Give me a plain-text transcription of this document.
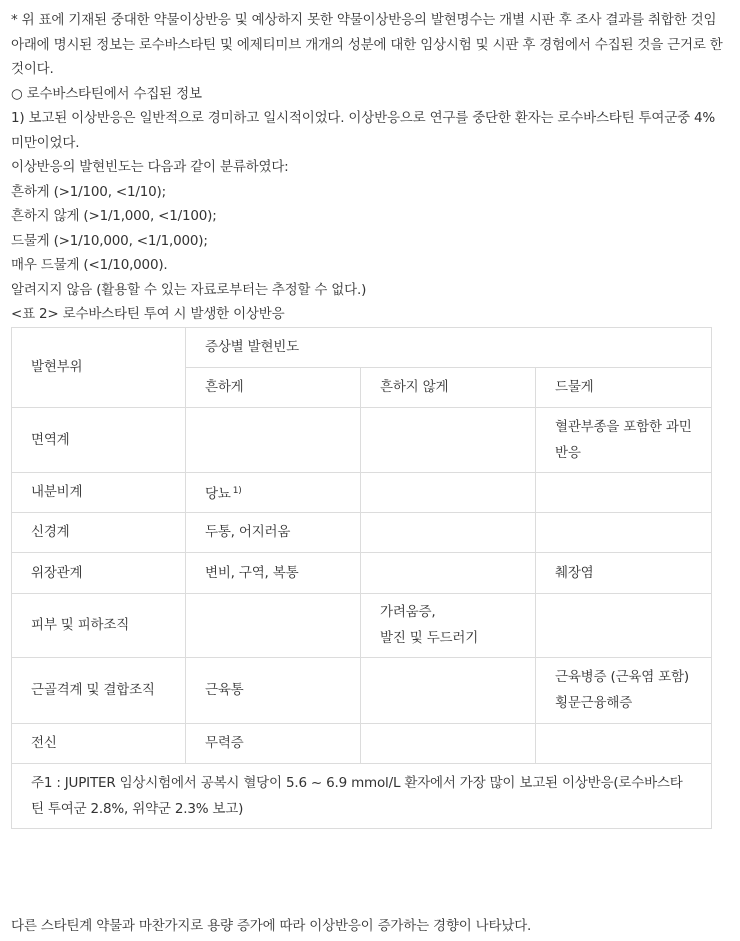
* 위 표에 기재된 중대한 약물이상반응 및 예상하지 못한 약물이상반응의 발현명수는 개별 시판 후 조사 결과를 취합한 것임

아래에 명시된 정보는 로수바스타틴 및 에제티미브 개개의 성분에 대한 임상시험 및 시판 후 경험에서 수집된 것을 근거로 한 것이다.

○ 로수바스타틴에서 수집된 정보

1) 보고된 이상반응은 일반적으로 경미하고 일시적이었다. 이상반응으로 연구를 중단한 환자는 로수바스타틴 투여군중 4% 미만이었다.

이상반응의 발현빈도는 다음과 같이 분류하였다:

흔하게 (>1/100, <1/10);

흔하지 않게 (>1/1,000, <1/100);

드물게 (>1/10,000, <1/1,000);

매우 드물게 (<1/10,000).

알려지지 않음 (활용할 수 있는 자료로부터는 추정할 수 없다.)

<표 2> 로수바스타틴 투여 시 발생한 이상반응

발현부위	증상별 발현빈도		
	흔하게	흔하지 않게	드물게
면역계			혈관부종을 포함한 과민반응
내분비계	당뇨 $^{1)}$		
신경계	두통, 어지러움		
위장관계	변비, 구역, 복통		췌장염
피부 및 피하조직		가려움증,
발진 및 두드러기	
근골격계 및 결합조직	근육통		근육병증 (근육염 포함)
횡문근융해증
전신	무력증		
주1 : JUPITER 임상시험에서 공복시 혈당이 5.6 ~ 6.9 mmol/L 환자에서 가장 많이 보고된 이상반응(로수바스타틴 투여군 2.8%, 위약군 2.3% 보고)			
다른 스타틴계 약물과 마찬가지로 용량 증가에 따라 이상반응이 증가하는 경향이 나타났다.
